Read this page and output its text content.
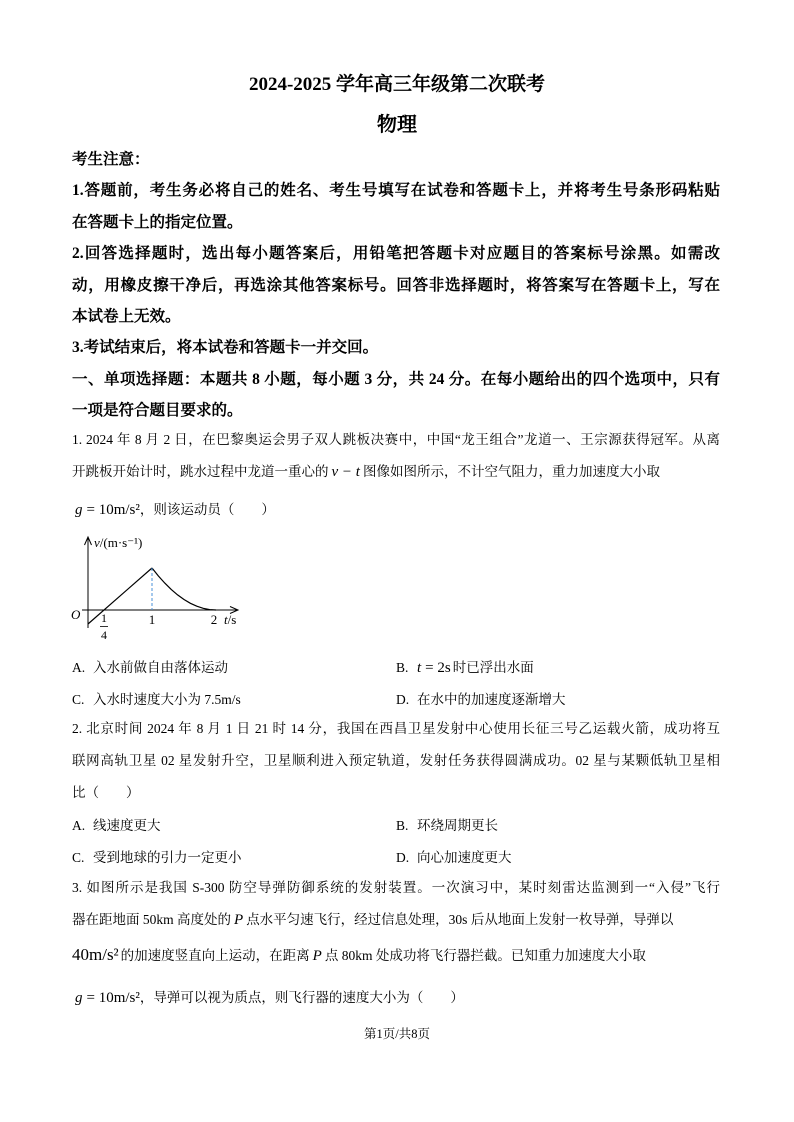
2024-2025 学年高三年级第二次联考
物理
考生注意：
1.答题前，考生务必将自己的姓名、考生号填写在试卷和答题卡上，并将考生号条形码粘贴
在答题卡上的指定位置。
2.回答选择题时，选出每小题答案后，用铅笔把答题卡对应题目的答案标号涂黑。如需改
动，用橡皮擦干净后，再选涂其他答案标号。回答非选择题时，将答案写在答题卡上，写在
本试卷上无效。
3.考试结束后，将本试卷和答题卡一并交回。
一、单项选择题：本题共 8 小题，每小题 3 分，共 24 分。在每小题给出的四个选项中，只有
一项是符合题目要求的。
1. 2024 年 8 月 2 日，在巴黎奥运会男子双人跳板决赛中，中国“龙王组合”龙道一、王宗源获得冠军。从离
开跳板开始计时，跳水过程中龙道一重心的 v − t 图像如图所示，不计空气阻力，重力加速度大小取
g = 10m/s²，则该运动员（　　）
v/(m·s⁻¹)
O 1
4
1	2 t/s
A. 入水前做自由落体运动	B. t = 2s 时已浮出水面
C. 入水时速度大小为 7.5m/s	D. 在水中的加速度逐渐增大
2. 北京时间 2024 年 8 月 1 日 21 时 14 分，我国在西昌卫星发射中心使用长征三号乙运载火箭，成功将互
联网高轨卫星 02 星发射升空，卫星顺利进入预定轨道，发射任务获得圆满成功。02 星与某颗低轨卫星相
比（　　）
A. 线速度更大	B. 环绕周期更长
C. 受到地球的引力一定更小	D. 向心加速度更大
3. 如图所示是我国 S-300 防空导弹防御系统的发射装置。一次演习中，某时刻雷达监测到一“入侵”飞行
器在距地面 50km 高度处的 P 点水平匀速飞行，经过信息处理，30s 后从地面上发射一枚导弹，导弹以
40m/s² 的加速度竖直向上运动，在距离 P 点 80km 处成功将飞行器拦截。已知重力加速度大小取
g = 10m/s²，导弹可以视为质点，则飞行器的速度大小为（　　）
第1页/共8页
